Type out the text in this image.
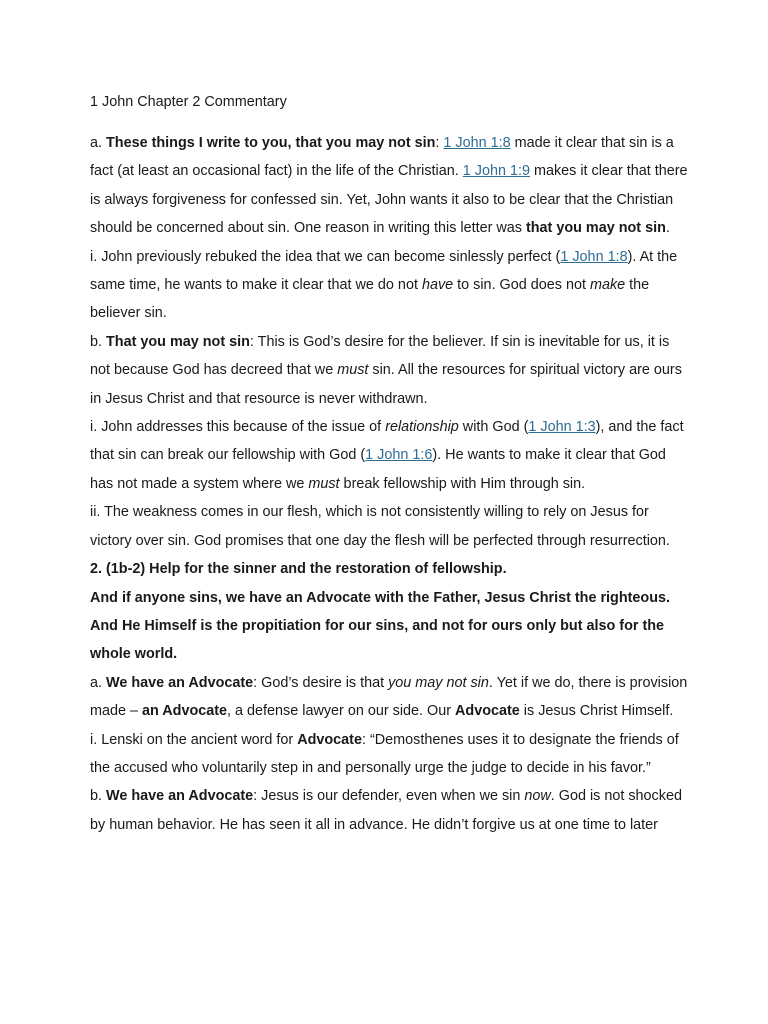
1 John Chapter 2 Commentary

a. These things I write to you, that you may not sin: 1 John 1:8 made it clear that sin is a fact (at least an occasional fact) in the life of the Christian. 1 John 1:9 makes it clear that there is always forgiveness for confessed sin. Yet, John wants it also to be clear that the Christian should be concerned about sin. One reason in writing this letter was that you may not sin.

i. John previously rebuked the idea that we can become sinlessly perfect (1 John 1:8). At the same time, he wants to make it clear that we do not have to sin. God does not make the believer sin.

b. That you may not sin: This is God’s desire for the believer. If sin is inevitable for us, it is not because God has decreed that we must sin. All the resources for spiritual victory are ours in Jesus Christ and that resource is never withdrawn.

i. John addresses this because of the issue of relationship with God (1 John 1:3), and the fact that sin can break our fellowship with God (1 John 1:6). He wants to make it clear that God has not made a system where we must break fellowship with Him through sin.

ii. The weakness comes in our flesh, which is not consistently willing to rely on Jesus for victory over sin. God promises that one day the flesh will be perfected through resurrection.

2. (1b-2) Help for the sinner and the restoration of fellowship.

And if anyone sins, we have an Advocate with the Father, Jesus Christ the righteous. And He Himself is the propitiation for our sins, and not for ours only but also for the whole world.

a. We have an Advocate: God’s desire is that you may not sin. Yet if we do, there is provision made – an Advocate, a defense lawyer on our side. Our Advocate is Jesus Christ Himself.

i. Lenski on the ancient word for Advocate: “Demosthenes uses it to designate the friends of the accused who voluntarily step in and personally urge the judge to decide in his favor.”

b. We have an Advocate: Jesus is our defender, even when we sin now. God is not shocked by human behavior. He has seen it all in advance. He didn’t forgive us at one time to later
